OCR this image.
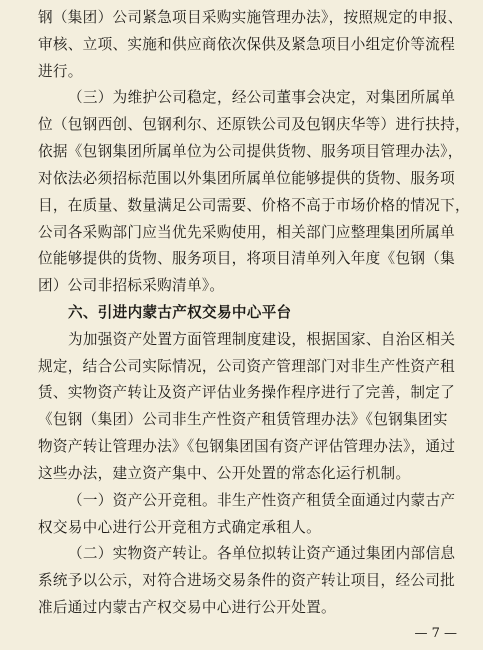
钢（集团）公司紧急项目采购实施管理办法》，按照规定的申报、
审核、立项、实施和供应商依次保供及紧急项目小组定价等流程
进行。
（三）为维护公司稳定，经公司董事会决定，对集团所属单
位（包钢西创、包钢利尔、还原铁公司及包钢庆华等）进行扶持，
依据《包钢集团所属单位为公司提供货物、服务项目管理办法》，
对依法必须招标范围以外集团所属单位能够提供的货物、服务项
目，在质量、数量满足公司需要、价格不高于市场价格的情况下，
公司各采购部门应当优先采购使用，相关部门应整理集团所属单
位能够提供的货物、服务项目，将项目清单列入年度《包钢（集
团）公司非招标采购清单》。
六、引进内蒙古产权交易中心平台
为加强资产处置方面管理制度建设，根据国家、自治区相关
规定，结合公司实际情况，公司资产管理部门对非生产性资产租
赁、实物资产转让及资产评估业务操作程序进行了完善，制定了
《包钢（集团）公司非生产性资产租赁管理办法》《包钢集团实
物资产转让管理办法》《包钢集团国有资产评估管理办法》，通过
这些办法，建立资产集中、公开处置的常态化运行机制。
（一）资产公开竞租。非生产性资产租赁全面通过内蒙古产
权交易中心进行公开竞租方式确定承租人。
（二）实物资产转让。各单位拟转让资产通过集团内部信息
系统予以公示，对符合进场交易条件的资产转让项目，经公司批
准后通过内蒙古产权交易中心进行公开处置。
— 7 —
